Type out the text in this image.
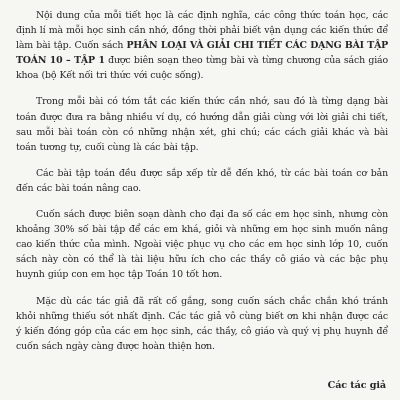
Nội dung của mỗi tiết học là các định nghĩa, các công thức toán học, các định lí mà mỗi học sinh cần nhớ, đồng thời phải biết vận dụng các kiến thức để làm bài tập. Cuốn sách PHÂN LOẠI VÀ GIẢI CHI TIẾT CÁC DẠNG BÀI TẬP TOÁN 10 – TẬP 1 được biên soạn theo từng bài và từng chương của sách giáo khoa (bộ Kết nối tri thức với cuộc sống).

Trong mỗi bài có tóm tắt các kiến thức cần nhớ, sau đó là từng dạng bài toán được đưa ra bằng nhiều ví dụ, có hướng dẫn giải cùng với lời giải chi tiết, sau mỗi bài toán còn có những nhận xét, ghi chú; các cách giải khác và bài toán tương tự, cuối cùng là các bài tập.

Các bài tập toán đều được sắp xếp từ dễ đến khó, từ các bài toán cơ bản đến các bài toán nâng cao.

Cuốn sách được biên soạn dành cho đại đa số các em học sinh, nhưng còn khoảng 30% số bài tập để các em khá, giỏi và những em học sinh muốn nâng cao kiến thức của mình. Ngoài việc phục vụ cho các em học sinh lớp 10, cuốn sách này còn có thể là tài liệu hữu ích cho các thầy cô giáo và các bậc phụ huynh giúp con em học tập Toán 10 tốt hơn.

Mặc dù các tác giả đã rất cố gắng, song cuốn sách chắc chắn khó tránh khỏi những thiếu sót nhất định. Các tác giả vô cùng biết ơn khi nhận được các ý kiến đóng góp của các em học sinh, các thầy, cô giáo và quý vị phụ huynh để cuốn sách ngày càng được hoàn thiện hơn.

Các tác giả
